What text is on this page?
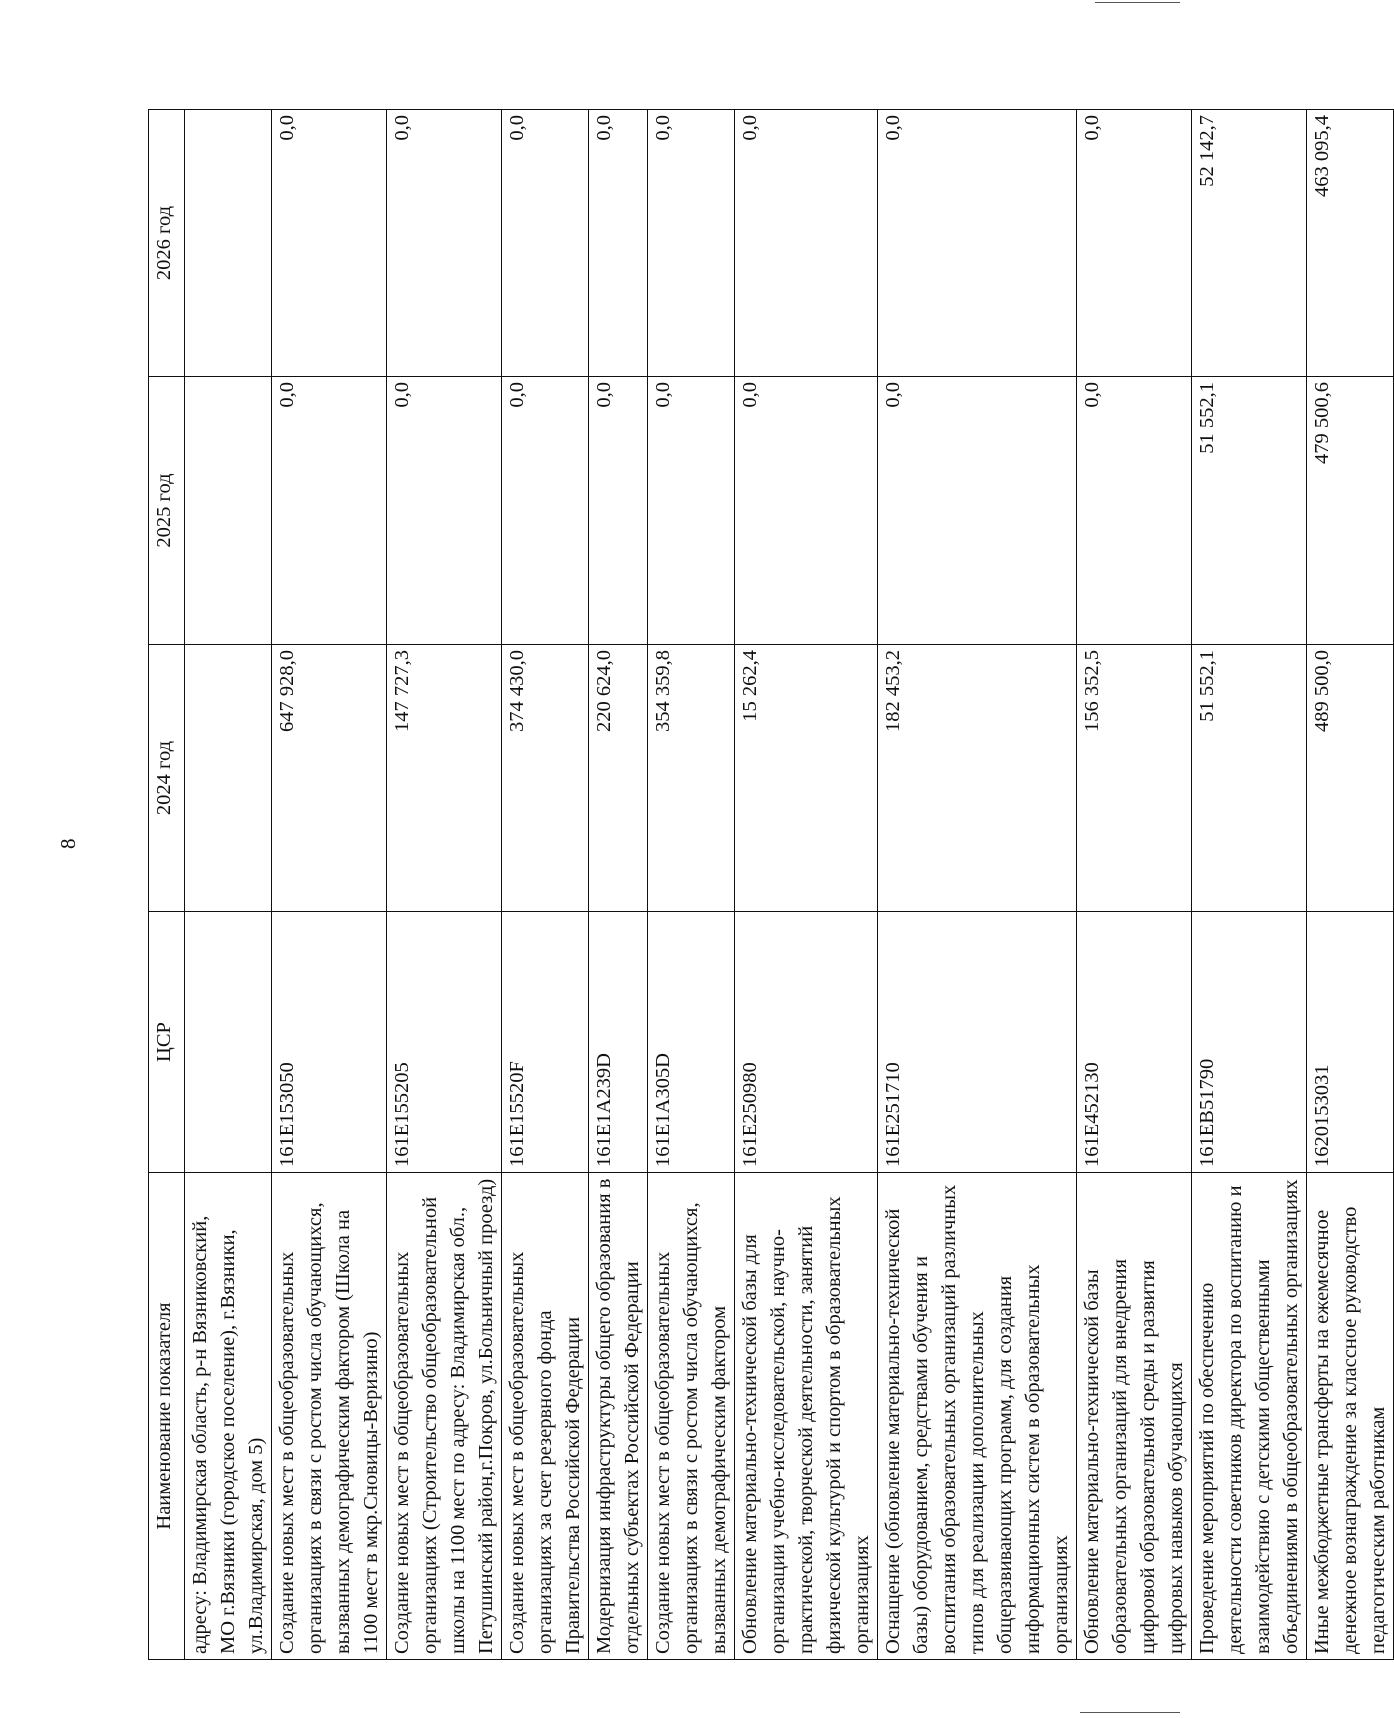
8
Наименование показателя	ЦСР	2024 год	2025 год	2026 год
адресу: Владимирская область, р-н Вязниковский, МО г.Вязники (городское поселение), г.Вязники, ул.Владимирская, дом 5)				
Создание новых мест в общеобразовательных организациях в связи с ростом числа обучающихся, вызванных демографическим фактором (Школа на 1100 мест в мкр.Сновицы-Веризино)	161E153050	647 928,0	0,0	0,0
Создание новых мест в общеобразовательных организациях (Строительство общеобразовательной школы на 1100 мест по адресу: Владимирская обл., Петушинский район,г.Покров, ул.Больничный проезд)	161E155205	147 727,3	0,0	0,0
Создание новых мест в общеобразовательных организациях за счет резервного фонда Правительства Российской Федерации	161E15520F	374 430,0	0,0	0,0
Модернизация инфраструктуры общего образования в отдельных субъектах Российской Федерации	161E1A239D	220 624,0	0,0	0,0
Создание новых мест в общеобразовательных организациях в связи с ростом числа обучающихся, вызванных демографическим фактором	161E1A305D	354 359,8	0,0	0,0
Обновление материально-технической базы для организации учебно-исследовательской, научно-практической, творческой деятельности, занятий физической культурой и спортом в образовательных организациях	161E250980	15 262,4	0,0	0,0
Оснащение (обновление материально-технической базы) оборудованием, средствами обучения и воспитания образовательных организаций различных типов для реализации дополнительных общеразвивающих программ, для создания информационных систем в образовательных организациях	161E251710	182 453,2	0,0	0,0
Обновление материально-технической базы образовательных организаций для внедрения цифровой образовательной среды и развития цифровых навыков обучающихся	161E452130	156 352,5	0,0	0,0
Проведение мероприятий по обеспечению деятельности советников директора по воспитанию и взаимодействию с детскими общественными объединениями в общеобразовательных организациях	161EB51790	51 552,1	51 552,1	52 142,7
Иные межбюджетные трансферты на ежемесячное денежное вознаграждение за классное руководство педагогическим работникам	1620153031	489 500,0	479 500,6	463 095,4
